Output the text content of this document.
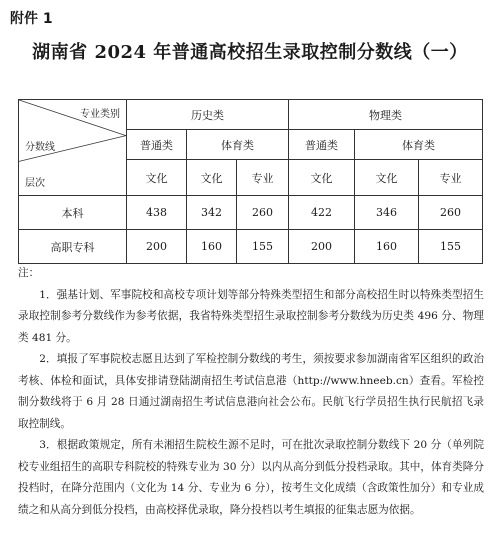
附件 1
湖南省 2024 年普通高校招生录取控制分数线（一）
专业类别
分数线
层次	历史类			物理类		
	普通类	体育类		普通类	体育类	
	文化	文化	专业	文化	文化	专业
本科	438	342	260	422	346	260
高职专科	200	160	155	200	160	155
注：

1．强基计划、军事院校和高校专项计划等部分特殊类型招生和部分高校招生时以特殊类型招生录取控制参考分数线作为参考依据，我省特殊类型招生录取控制参考分数线为历史类 496 分、物理类 481 分。

2．填报了军事院校志愿且达到了军检控制分数线的考生，须按要求参加湖南省军区组织的政治考核、体检和面试，具体安排请登陆湖南招生考试信息港（http://www.hneeb.cn）查看。军检控制分数线将于 6 月 28 日通过湖南招生考试信息港向社会公布。民航飞行学员招生执行民航招飞录取控制线。

3．根据政策规定，所有未湘招生院校生源不足时，可在批次录取控制分数线下 20 分（单列院校专业组招生的高职专科院校的特殊专业为 30 分）以内从高分到低分投档录取。其中，体育类降分投档时，在降分范围内（文化为 14 分、专业为 6 分），按考生文化成绩（含政策性加分）和专业成绩之和从高分到低分投档，由高校择优录取，降分投档以考生填报的征集志愿为依据。
